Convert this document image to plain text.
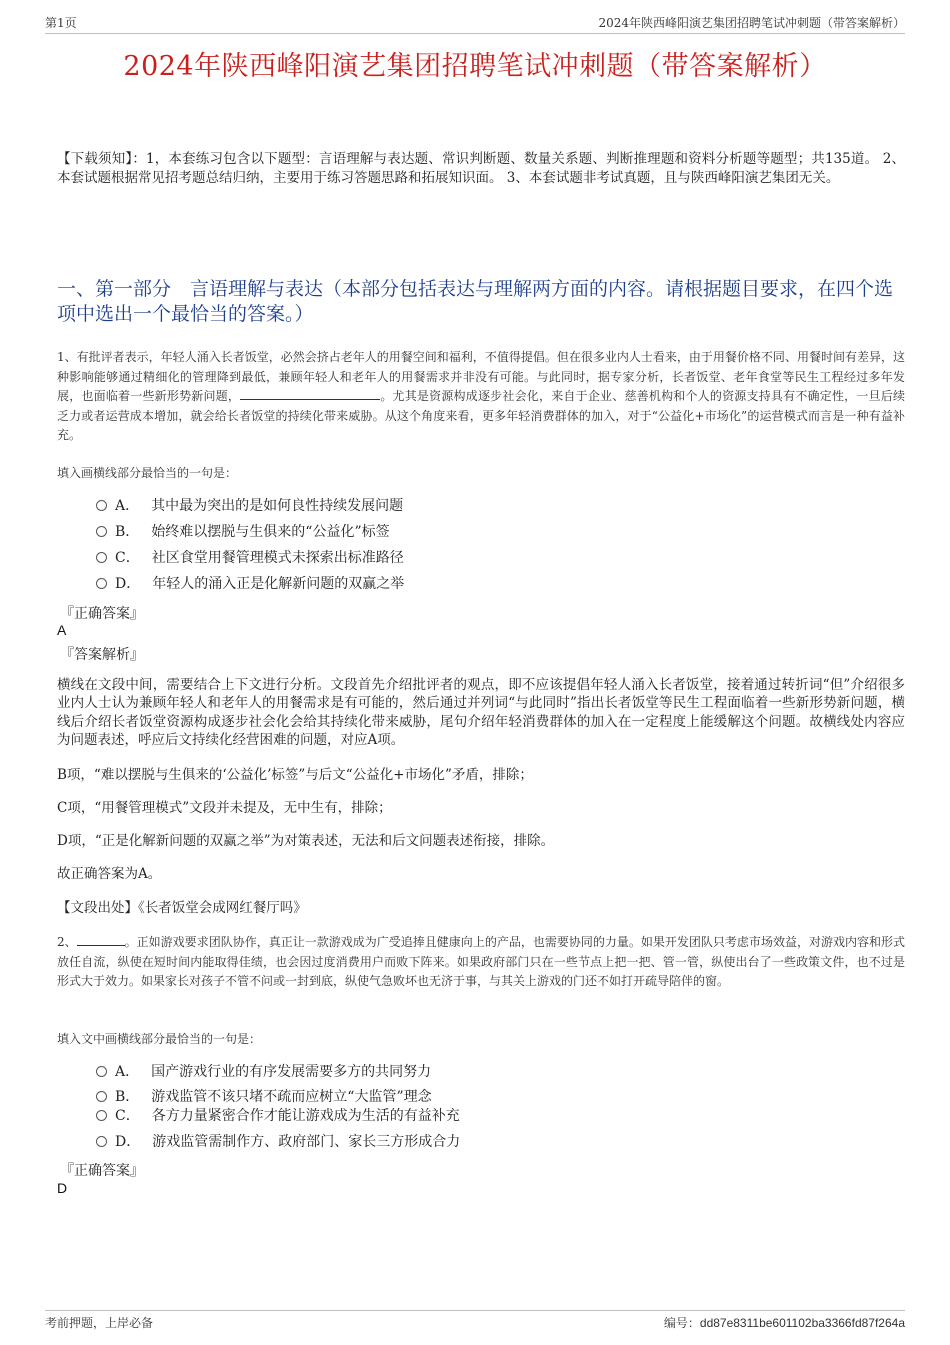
第1页	2024年陕西峰阳演艺集团招聘笔试冲刺题（带答案解析）
2024年陕西峰阳演艺集团招聘笔试冲刺题（带答案解析）
【下载须知】：1，本套练习包含以下题型：言语理解与表达题、常识判断题、数量关系题、判断推理题和资料分析题等题型；共135道。 2、本套试题根据常见招考题总结归纳，主要用于练习答题思路和拓展知识面。 3、本套试题非考试真题，且与陕西峰阳演艺集团无关。
一、第一部分　言语理解与表达（本部分包括表达与理解两方面的内容。请根据题目要求，在四个选项中选出一个最恰当的答案。）
1、有批评者表示，年轻人涌入长者饭堂，必然会挤占老年人的用餐空间和福利，不值得提倡。但在很多业内人士看来，由于用餐价格不同、用餐时间有差异，这种影响能够通过精细化的管理降到最低，兼顾年轻人和老年人的用餐需求并非没有可能。与此同时，据专家分析，长者饭堂、老年食堂等民生工程经过多年发展，也面临着一些新形势新问题，	。尤其是资源构成逐步社会化，来自于企业、慈善机构和个人的资源支持具有不确定性，一旦后续乏力或者运营成本增加，就会给长者饭堂的持续化带来威胁。从这个角度来看，更多年轻消费群体的加入，对于“公益化+市场化”的运营模式而言是一种有益补充。
填入画横线部分最恰当的一句是：
A． 其中最为突出的是如何良性持续发展问题
B． 始终难以摆脱与生俱来的“公益化”标签
C． 社区食堂用餐管理模式未探索出标准路径
D． 年轻人的涌入正是化解新问题的双赢之举
『正确答案』
A
『答案解析』
横线在文段中间，需要结合上下文进行分析。文段首先介绍批评者的观点，即不应该提倡年轻人涌入长者饭堂，接着通过转折词“但”介绍很多业内人士认为兼顾年轻人和老年人的用餐需求是有可能的，然后通过并列词“与此同时”指出长者饭堂等民生工程面临着一些新形势新问题，横线后介绍长者饭堂资源构成逐步社会化会给其持续化带来威胁，尾句介绍年轻消费群体的加入在一定程度上能缓解这个问题。故横线处内容应为问题表述，呼应后文持续化经营困难的问题，对应A项。
B项，“难以摆脱与生俱来的‘公益化’标签”与后文“公益化+市场化”矛盾，排除；
C项，“用餐管理模式”文段并未提及，无中生有，排除；
D项，“正是化解新问题的双赢之举”为对策表述，无法和后文问题表述衔接，排除。
故正确答案为A。
【文段出处】《长者饭堂会成网红餐厅吗》
2、	。正如游戏要求团队协作，真正让一款游戏成为广受追捧且健康向上的产品，也需要协同的力量。如果开发团队只考虑市场效益，对游戏内容和形式放任自流，纵使在短时间内能取得佳绩，也会因过度消费用户而败下阵来。如果政府部门只在一些节点上把一把、管一管，纵使出台了一些政策文件，也不过是形式大于效力。如果家长对孩子不管不问或一封到底，纵使气急败坏也无济于事，与其关上游戏的门还不如打开疏导陪伴的窗。
填入文中画横线部分最恰当的一句是：
A． 国产游戏行业的有序发展需要多方的共同努力
B． 游戏监管不该只堵不疏而应树立“大监管”理念
C． 各方力量紧密合作才能让游戏成为生活的有益补充
D． 游戏监管需制作方、政府部门、家长三方形成合力
『正确答案』
D
考前押题，上岸必备	编号：dd87e8311be601102ba3366fd87f264a
